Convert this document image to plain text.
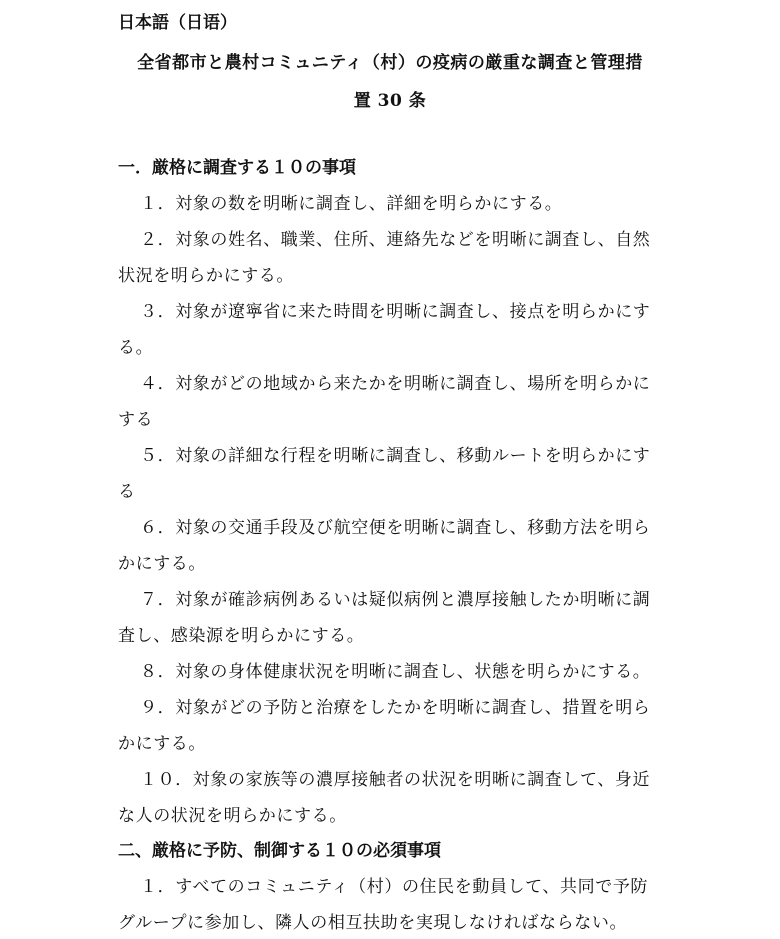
日本語（日语）
全省都市と農村コミュニティ（村）の疫病の厳重な調査と管理措
置 30 条
一．厳格に調査する１０の事項
１．対象の数を明晰に調査し、詳細を明らかにする。
２．対象の姓名、職業、住所、連絡先などを明晰に調査し、自然
状況を明らかにする。
３．対象が遼寧省に来た時間を明晰に調査し、接点を明らかにす
る。
４．対象がどの地域から来たかを明晰に調査し、場所を明らかに
する
５．対象の詳細な行程を明晰に調査し、移動ルートを明らかにす
る
６．対象の交通手段及び航空便を明晰に調査し、移動方法を明ら
かにする。
７．対象が確診病例あるいは疑似病例と濃厚接触したか明晰に調
査し、感染源を明らかにする。
８．対象の身体健康状況を明晰に調査し、状態を明らかにする。
９．対象がどの予防と治療をしたかを明晰に調査し、措置を明ら
かにする。
１０．対象の家族等の濃厚接触者の状況を明晰に調査して、身近
な人の状況を明らかにする。
二、厳格に予防、制御する１０の必須事項
１．すべてのコミュニティ（村）の住民を動員して、共同で予防
グループに参加し、隣人の相互扶助を実現しなければならない。
